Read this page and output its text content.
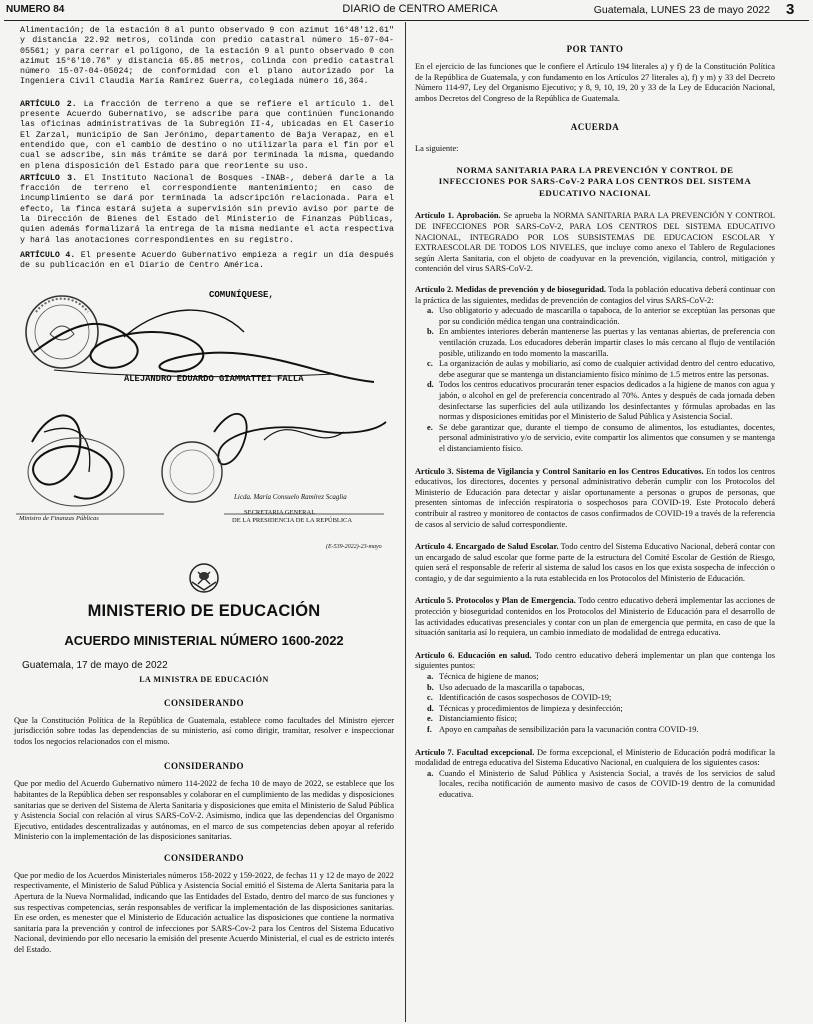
NUMERO 84	DIARIO de CENTRO AMERICA	Guatemala, LUNES 23 de mayo 2022 3

Alimentación; de la estación 8 al punto observado 9 con azimut 16°48'12.61" y distancia 22.92 metros, colinda con predio catastral número 15-07-04-05561; y para cerrar el polígono, de la estación 9 al punto observado 0 con azimut 15°6'10.76" y distancia 65.85 metros, colinda con predio catastral número 15-07-04-05024; de conformidad con el plano autorizado por la Ingeniera Civil Claudia María Ramírez Guerra, colegiada número 16,364.

ARTÍCULO 2. La fracción de terreno a que se refiere el artículo 1. del presente Acuerdo Gubernativo, se adscribe para que continúen funcionando las oficinas administrativas de la Subregión II-4, ubicadas en El Caserío El Zarzal, municipio de San Jerónimo, departamento de Baja Verapaz, en el entendido que, con el cambio de destino o no utilizarla para el fin por el cual se adscribe, sin más trámite se dará por terminada la misma, quedando en plena disposición del Estado para que reoriente su uso.

ARTÍCULO 3. El Instituto Nacional de Bosques -INAB-, deberá darle a la fracción de terreno el correspondiente mantenimiento; en caso de incumplimiento se dará por terminada la adscripción relacionada. Para el efecto, la finca estará sujeta a supervisión sin previo aviso por parte de la Dirección de Bienes del Estado del Ministerio de Finanzas Públicas, quien además formalizará la entrega de la misma mediante el acta respectiva y hará las anotaciones correspondientes en su registro.

ARTÍCULO 4. El presente Acuerdo Gubernativo empieza a regir un día después de su publicación en el Diario de Centro América.

COMUNÍQUESE,
ALEJANDRO EDUARDO GIAMMATTEI FALLA
Ministro de Finanzas Públicas
Licda. María Consuelo Ramírez Scaglia
SECRETARIA GENERAL
DE LA PRESIDENCIA DE LA REPÚBLICA
(E-539-2022)-23-mayo
MINISTERIO DE EDUCACIÓN
ACUERDO MINISTERIAL NÚMERO 1600-2022
Guatemala, 17 de mayo de 2022
LA MINISTRA DE EDUCACIÓN
CONSIDERANDO

Que la Constitución Política de la República de Guatemala, establece como facultades del Ministro ejercer jurisdicción sobre todas las dependencias de su ministerio, así como dirigir, tramitar, resolver e inspeccionar todos los negocios relacionados con el mismo.

CONSIDERANDO

Que por medio del Acuerdo Gubernativo número 114-2022 de fecha 10 de mayo de 2022, se establece que los habitantes de la República deben ser responsables y colaborar en el cumplimiento de las medidas y disposiciones sanitarias que se deriven del Sistema de Alerta Sanitaria y disposiciones que emita el Ministerio de Salud Pública y Asistencia Social con relación al virus SARS-CoV-2. Asimismo, indica que las dependencias del Organismo Ejecutivo, entidades descentralizadas y autónomas, en el marco de sus competencias deben apoyar al referido Ministerio con la implementación de las disposiciones sanitarias.

CONSIDERANDO

Que por medio de los Acuerdos Ministeriales números 158-2022 y 159-2022, de fechas 11 y 12 de mayo de 2022 respectivamente, el Ministerio de Salud Pública y Asistencia Social emitió el Sistema de Alerta Sanitaria para la Apertura de la Nueva Normalidad, indicando que las Entidades del Estado, dentro del marco de sus funciones y sus respectivas competencias, serán responsables de verificar la implementación de las disposiciones sanitarias. En ese orden, es menester que el Ministerio de Educación actualice las disposiciones que contiene la normativa sanitaria para la prevención y control de infecciones por SARS-Cov-2 para los Centros del Sistema Educativo Nacional, deviniendo por ello necesario la emisión del presente Acuerdo Ministerial, el cual es de estricto interés del Estado.

POR TANTO

En el ejercicio de las funciones que le confiere el Artículo 194 literales a) y f) de la Constitución Política de la República de Guatemala, y con fundamento en los Artículos 27 literales a), f) y m) y 33 del Decreto Número 114-97, Ley del Organismo Ejecutivo; y 8, 9, 10, 19, 20 y 33 de la Ley de Educación Nacional, ambos Decretos del Congreso de la República de Guatemala.

ACUERDA

La siguiente:

NORMA SANITARIA PARA LA PREVENCIÓN Y CONTROL DE INFECCIONES POR SARS-CoV-2 PARA LOS CENTROS DEL SISTEMA EDUCATIVO NACIONAL

Artículo 1. Aprobación. Se aprueba la NORMA SANITARIA PARA LA PREVENCIÓN Y CONTROL DE INFECCIONES POR SARS-CoV-2, PARA LOS CENTROS DEL SISTEMA EDUCATIVO NACIONAL, INTEGRADO POR LOS SUBSISTEMAS DE EDUCACION ESCOLAR Y EXTRAESCOLAR DE TODOS LOS NIVELES, que incluye como anexo el Tablero de Regulaciones según Alerta Sanitaria, con el objeto de coadyuvar en la prevención, vigilancia, control, mitigación y contención del virus SARS-CoV-2.

Artículo 2. Medidas de prevención y de bioseguridad. Toda la población educativa deberá continuar con la práctica de las siguientes, medidas de prevención de contagios del virus SARS-CoV-2:

a. Uso obligatorio y adecuado de mascarilla o tapaboca, de lo anterior se exceptúan las personas que por su condición médica tengan una contraindicación.
b. En ambientes interiores deberán mantenerse las puertas y las ventanas abiertas, de preferencia con ventilación cruzada. Los educadores deberán impartir clases lo más cercano al flujo de ventilación posible, utilizando en todo momento la mascarilla.
c. La organización de aulas y mobiliario, así como de cualquier actividad dentro del centro educativo, debe asegurar que se mantenga un distanciamiento físico mínimo de 1.5 metros entre las personas.
d. Todos los centros educativos procurarán tener espacios dedicados a la higiene de manos con agua y jabón, o alcohol en gel de preferencia concentrado al 70%. Antes y después de cada jornada deben desinfectarse las superficies del aula utilizando los desinfectantes y fórmulas aprobadas en las normas y disposiciones emitidas por el Ministerio de Salud Pública y Asistencia Social.
e. Se debe garantizar que, durante el tiempo de consumo de alimentos, los estudiantes, docentes, personal administrativo y/o de servicio, evite compartir los alimentos que consumen y se mantenga el distanciamiento físico.

Artículo 3. Sistema de Vigilancia y Control Sanitario en los Centros Educativos. En todos los centros educativos, los directores, docentes y personal administrativo deberán cumplir con los Protocolos del Ministerio de Educación para detectar y aislar oportunamente a personas o grupos de personas, que presenten síntomas de infección respiratoria o sospechosos para COVID-19. Este Protocolo deberá contribuir al rastreo y monitoreo de contactos de casos confirmados de COVID-19 a través de la referencia de casos al servicio de salud correspondiente.

Artículo 4. Encargado de Salud Escolar. Todo centro del Sistema Educativo Nacional, deberá contar con un encargado de salud escolar que forme parte de la estructura del Comité Escolar de Gestión de Riesgo, quien será el responsable de referir al sistema de salud los casos en los que exista sospecha de infección o contagio, y de dar seguimiento a la ruta establecida en los Protocolos del Ministerio de Educación.

Artículo 5. Protocolos y Plan de Emergencia. Todo centro educativo deberá implementar las acciones de protección y bioseguridad contenidos en los Protocolos del Ministerio de Educación para el desarrollo de las actividades educativas presenciales y contar con un plan de emergencia que permita, en caso de que la situación sanitaria así lo requiera, un cambio inmediato de modalidad de entrega educativa.

Artículo 6. Educación en salud. Todo centro educativo deberá implementar un plan que contenga los siguientes puntos:

a. Técnica de higiene de manos;
b. Uso adecuado de la mascarilla o tapabocas,
c. Identificación de casos sospechosos de COVID-19;
d. Técnicas y procedimientos de limpieza y desinfección;
e. Distanciamiento físico;
f. Apoyo en campañas de sensibilización para la vacunación contra COVID-19.

Artículo 7. Facultad excepcional. De forma excepcional, el Ministerio de Educación podrá modificar la modalidad de entrega educativa del Sistema Educativo Nacional, en cualquiera de los siguientes casos:

a. Cuando el Ministerio de Salud Pública y Asistencia Social, a través de los servicios de salud locales, reciba notificación de aumento masivo de casos de COVID-19 dentro de la comunidad educativa.
